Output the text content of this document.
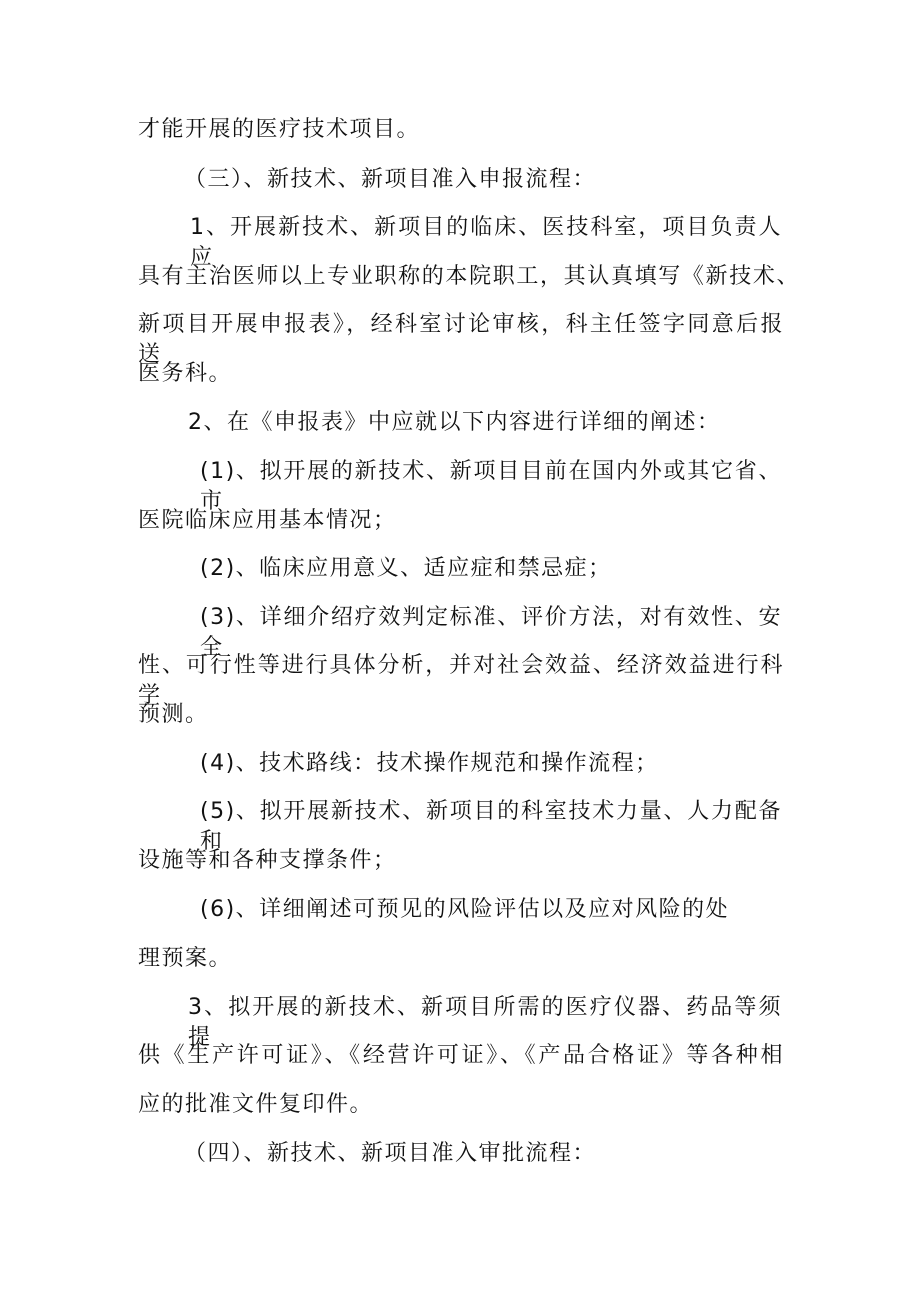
才能开展的医疗技术项目。
（三）、新技术、新项目准入申报流程：
1、开展新技术、新项目的临床、医技科室，项目负责人应
具有主治医师以上专业职称的本院职工，其认真填写《新技术、
新项目开展申报表》，经科室讨论审核，科主任签字同意后报送
医务科。
2、在《申报表》中应就以下内容进行详细的阐述：
(1)、拟开展的新技术、新项目目前在国内外或其它省、市
医院临床应用基本情况；
(2)、临床应用意义、适应症和禁忌症；
(3)、详细介绍疗效判定标准、评价方法，对有效性、安全
性、可行性等进行具体分析，并对社会效益、经济效益进行科学
预测。
(4)、技术路线：技术操作规范和操作流程；
(5)、拟开展新技术、新项目的科室技术力量、人力配备和
设施等和各种支撑条件；
(6)、详细阐述可预见的风险评估以及应对风险的处
理预案。
3、拟开展的新技术、新项目所需的医疗仪器、药品等须提
供《生产许可证》、《经营许可证》、《产品合格证》等各种相
应的批准文件复印件。
（四）、新技术、新项目准入审批流程：
